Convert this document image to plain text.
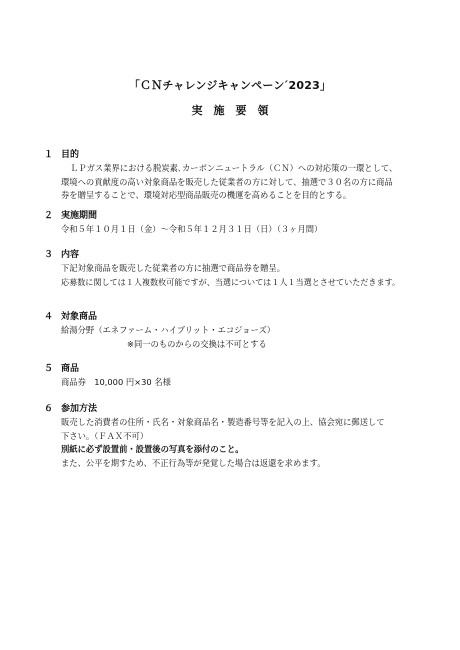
「ＣＮチャレンジキャンペーン ́2023」
実施要領
１ 目的
ＬＰガス業界における脱炭素､カーボンニュートラル（ＣＮ）への対応策の一環として、
環境への貢献度の高い対象商品を販売した従業者の方に対して、抽選で３０名の方に商品
券を贈呈することで、環境対応型商品販売の機運を高めることを目的とする。
２ 実施期間
令和５年１０月１日（金）～令和５年１２月３１日（日）（３ヶ月間）
３ 内容
下記対象商品を販売した従業者の方に抽選で商品券を贈呈。
応募数に関しては１人複数枚可能ですが、当選については１人１当選とさせていただきます。
４ 対象商品
給湯分野（エネファーム・ハイブリット・エコジョーズ）
※同一のものからの交換は不可とする
５ 商品
商品券　10,000 円×30 名様
６ 参加方法
販売した消費者の住所・氏名・対象商品名・製造番号等を記入の上、協会宛に郵送して
下さい。（ＦＡＸ不可）
別紙に必ず設置前・設置後の写真を添付のこと。
また、公平を期すため、不正行為等が発覚した場合は返還を求めます。
